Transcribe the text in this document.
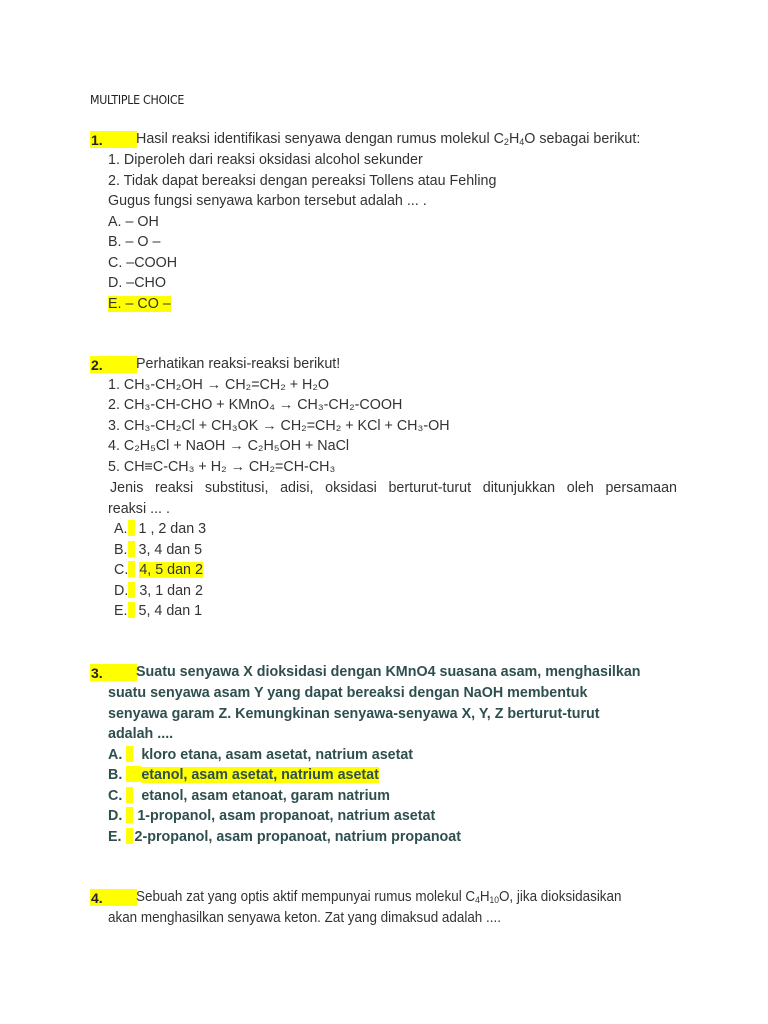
MULTIPLE CHOICE
1.	Hasil reaksi identifikasi senyawa dengan rumus molekul $C_2H_4O$ sebagai berikut:
1. Diperoleh dari reaksi oksidasi alcohol sekunder
2. Tidak dapat bereaksi dengan pereaksi Tollens atau Fehling
Gugus fungsi senyawa karbon tersebut adalah ... .
A. – OH
B. – O –
C. –COOH
D. –CHO
E. – CO –
2.	Perhatikan reaksi-reaksi berikut!
1. CH₃-CH₂OH → CH₂=CH₂ + H₂O
2. CH₃-CH-CHO + KMnO₄ → CH₃-CH₂-COOH
3. CH₃-CH₂Cl + CH₃OK → CH₂=CH₂ + KCl + CH₃-OH
4. C₂H₅Cl + NaOH → C₂H₅OH + NaCl
5. CH≡C-CH₃ + H₂ → CH₂=CH-CH₃
Jenis reaksi substitusi, adisi, oksidasi berturut-turut ditunjukkan oleh persamaan
reaksi ... .
A. 1 , 2 dan 3
B. 3, 4 dan 5
C. 4, 5 dan 2
D. 3, 1 dan 2
E. 5, 4 dan 1
3.	Suatu senyawa X dioksidasi dengan KMnO4 suasana asam, menghasilkan
suatu senyawa asam Y yang dapat bereaksi dengan NaOH membentuk
senyawa garam Z. Kemungkinan senyawa-senyawa X, Y, Z berturut-turut
adalah ....
A. kloro etana, asam asetat, natrium asetat
B. etanol, asam asetat, natrium asetat
C. etanol, asam etanoat, garam natrium
D. 1-propanol, asam propanoat, natrium asetat
E. 2-propanol, asam propanoat, natrium propanoat
4.	Sebuah zat yang optis aktif mempunyai rumus molekul $C_4H_{10}O$, jika dioksidasikan
akan menghasilkan senyawa keton. Zat yang dimaksud adalah ....
